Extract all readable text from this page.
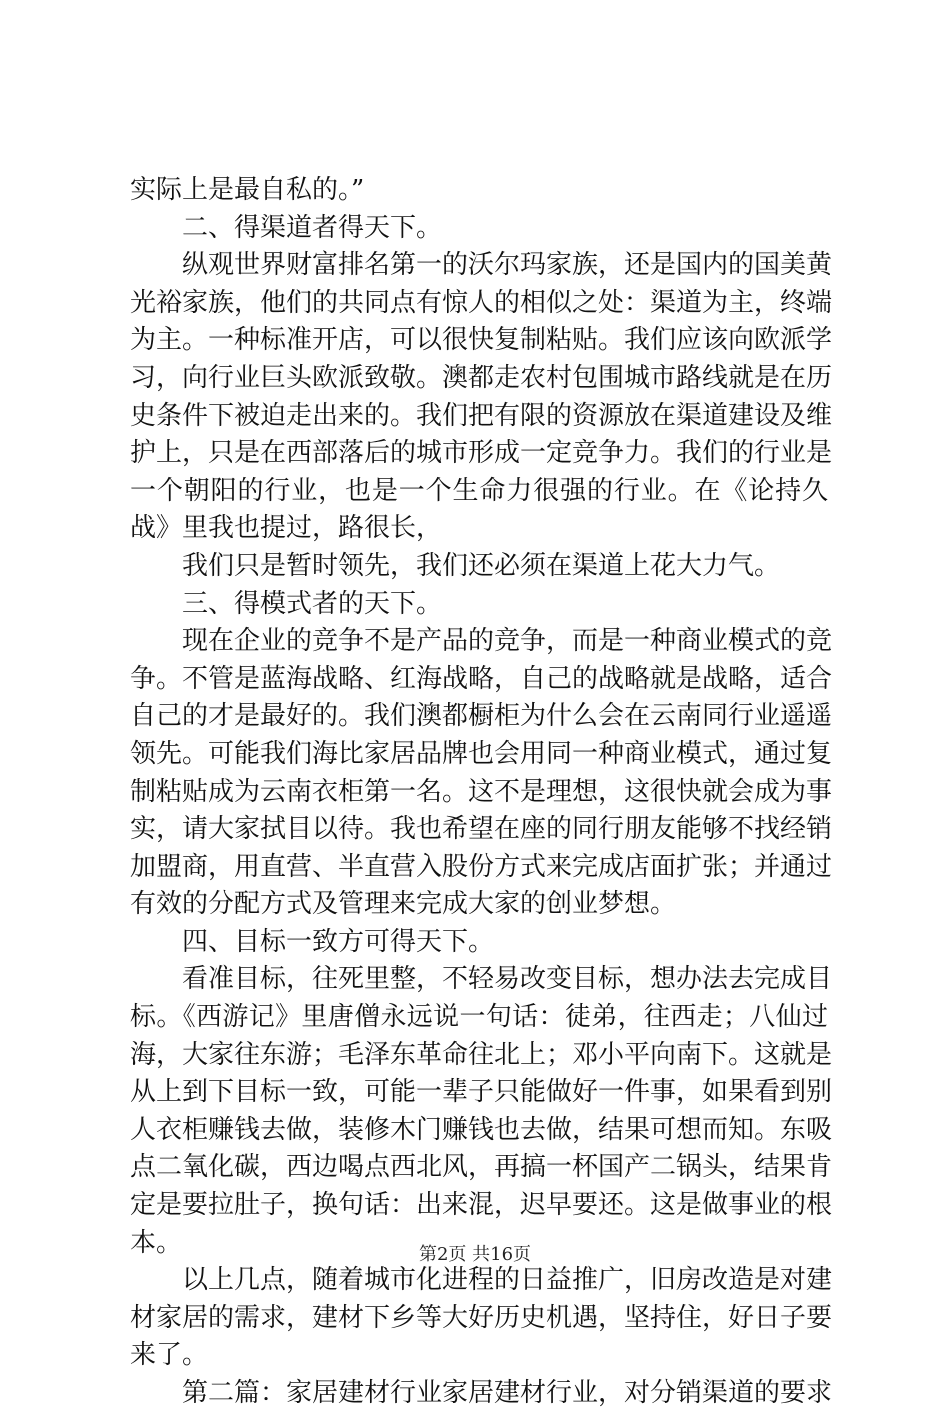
实际上是最自私的。”
二、得渠道者得天下。
纵观世界财富排名第一的沃尔玛家族，还是国内的国美黄
光裕家族，他们的共同点有惊人的相似之处：渠道为主，终端
为主。一种标准开店，可以很快复制粘贴。我们应该向欧派学
习，向行业巨头欧派致敬。澳都走农村包围城市路线就是在历
史条件下被迫走出来的。我们把有限的资源放在渠道建设及维
护上，只是在西部落后的城市形成一定竞争力。我们的行业是
一个朝阳的行业，也是一个生命力很强的行业。在《论持久
战》里我也提过，路很长，
我们只是暂时领先，我们还必须在渠道上花大力气。
三、得模式者的天下。
现在企业的竞争不是产品的竞争，而是一种商业模式的竞
争。不管是蓝海战略、红海战略，自己的战略就是战略，适合
自己的才是最好的。我们澳都橱柜为什么会在云南同行业遥遥
领先。可能我们海比家居品牌也会用同一种商业模式，通过复
制粘贴成为云南衣柜第一名。这不是理想，这很快就会成为事
实，请大家拭目以待。我也希望在座的同行朋友能够不找经销
加盟商，用直营、半直营入股份方式来完成店面扩张；并通过
有效的分配方式及管理来完成大家的创业梦想。
四、目标一致方可得天下。
看准目标，往死里整，不轻易改变目标，想办法去完成目
标。《西游记》里唐僧永远说一句话：徒弟，往西走；八仙过
海，大家往东游；毛泽东革命往北上；邓小平向南下。这就是
从上到下目标一致，可能一辈子只能做好一件事，如果看到别
人衣柜赚钱去做，装修木门赚钱也去做，结果可想而知。东吸
点二氧化碳，西边喝点西北风，再搞一杯国产二锅头，结果肯
定是要拉肚子，换句话：出来混，迟早要还。这是做事业的根
本。
以上几点，随着城市化进程的日益推广，旧房改造是对建
材家居的需求，建材下乡等大好历史机遇，坚持住，好日子要
来了。
第二篇：家居建材行业家居建材行业，对分销渠道的要求
第2页 共16页
